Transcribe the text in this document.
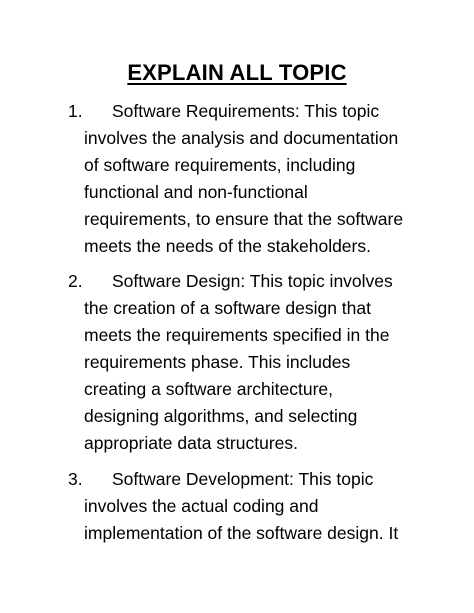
EXPLAIN ALL TOPIC
1. Software Requirements: This topic
involves the analysis and documentation
of software requirements, including
functional and non-functional
requirements, to ensure that the software
meets the needs of the stakeholders.
2. Software Design: This topic involves
the creation of a software design that
meets the requirements specified in the
requirements phase. This includes
creating a software architecture,
designing algorithms, and selecting
appropriate data structures.
3. Software Development: This topic
involves the actual coding and
implementation of the software design. It
